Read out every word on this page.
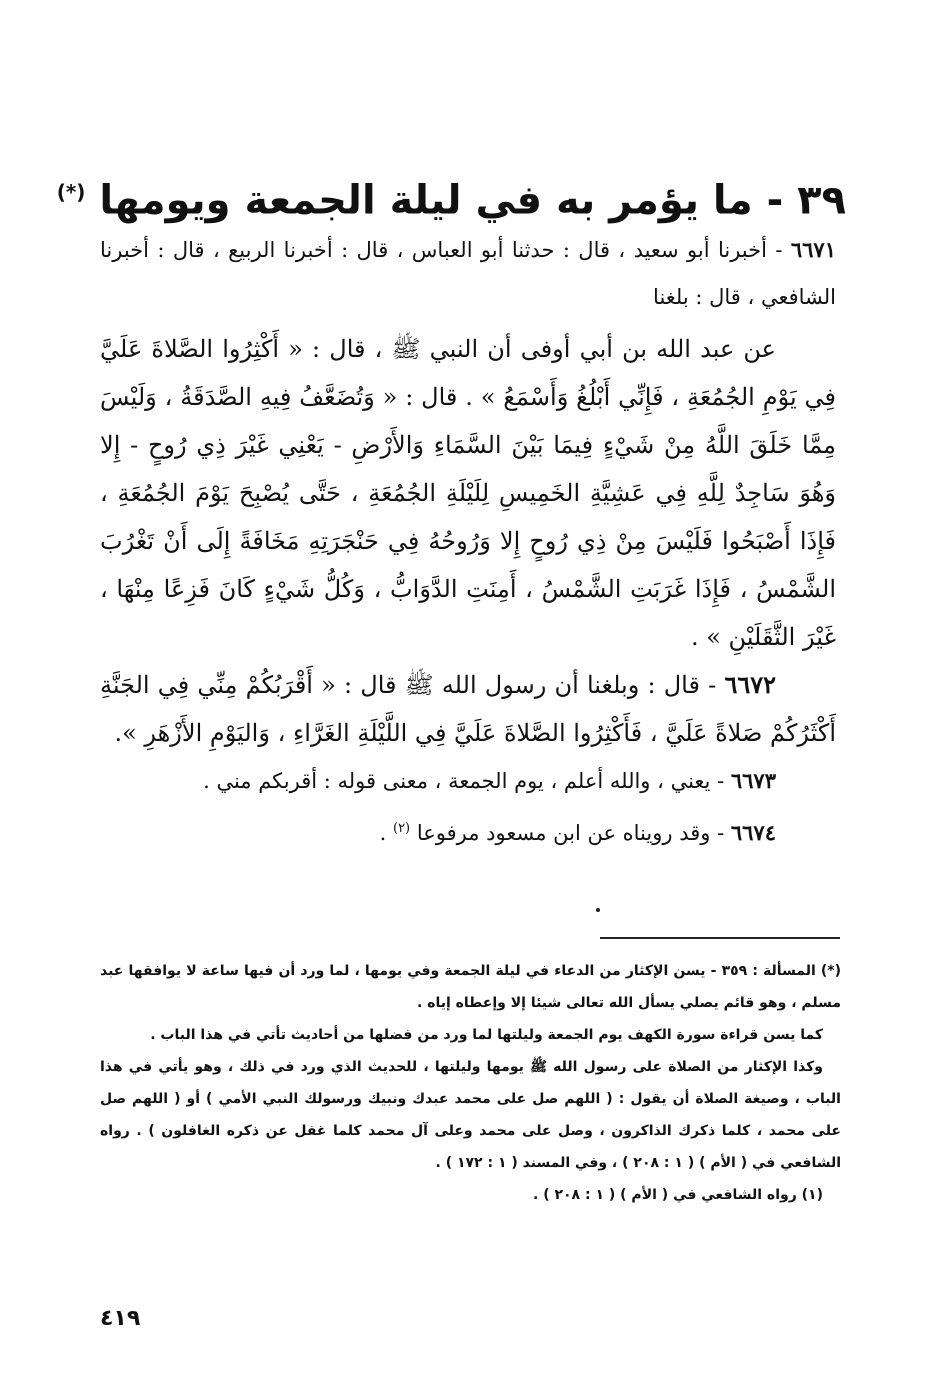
٣٩ - ما يؤمر به في ليلة الجمعة ويومها (*)

٦٦٧١ - أخبرنا أبو سعيد ، قال : حدثنا أبو العباس ، قال : أخبرنا الربيع ، قال : أخبرنا الشافعي ، قال : بلغنا

عن عبد الله بن أبي أوفى أن النبي ﷺ ، قال : « أَكْثِرُوا الصَّلاةَ عَلَيَّ فِي يَوْمِ الجُمُعَةِ ، فَإِنِّي أَبْلُغُ وَأَسْمَعُ » . قال : « وَتُضَعَّفُ فِيهِ الصَّدَقَةُ ، وَلَيْسَ مِمَّا خَلَقَ اللَّهُ مِنْ شَيْءٍ فِيمَا بَيْنَ السَّمَاءِ وَالأَرْضِ - يَعْنِي غَيْرَ ذِي رُوحٍ - إِلا وَهُوَ سَاجِدٌ لِلَّهِ فِي عَشِيَّةِ الخَمِيسِ لِلَيْلَةِ الجُمُعَةِ ، حَتَّى يُصْبِحَ يَوْمَ الجُمُعَةِ ، فَإِذَا أَصْبَحُوا فَلَيْسَ مِنْ ذِي رُوحٍ إِلا وَرُوحُهُ فِي حَنْجَرَتِهِ مَخَافَةً إِلَى أَنْ تَغْرُبَ الشَّمْسُ ، فَإِذَا غَرَبَتِ الشَّمْسُ ، أَمِنَتِ الدَّوَابُّ ، وَكُلُّ شَيْءٍ كَانَ فَزِعًا مِنْهَا ، غَيْرَ الثَّقَلَيْنِ » .

٦٦٧٢ - قال : وبلغنا أن رسول الله ﷺ قال : « أَقْرَبُكُمْ مِنِّي فِي الجَنَّةِ أَكْثَرُكُمْ صَلاةً عَلَيَّ ، فَأَكْثِرُوا الصَّلاةَ عَلَيَّ فِي اللَّيْلَةِ الغَرَّاءِ ، وَاليَوْمِ الأَزْهَرِ ».

٦٦٧٣ - يعني ، والله أعلم ، يوم الجمعة ، معنى قوله : أقربكم مني .

٦٦٧٤ - وقد رويناه عن ابن مسعود مرفوعا $^{(٢)}$ .

(*) المسألة : ٣٥٩ - يسن الإكثار من الدعاء في ليلة الجمعة وفي يومها ، لما ورد أن فيها ساعة لا يوافقها عبد مسلم ، وهو قائم يصلي يسأل الله تعالى شيئا إلا وإعطاه إياه .

كما يسن قراءة سورة الكهف يوم الجمعة وليلتها لما ورد من فضلها من أحاديث تأتي في هذا الباب .

وكذا الإكثار من الصلاة على رسول الله ﷺ يومها وليلتها ، للحديث الذي ورد في ذلك ، وهو يأتي في هذا الباب ، وصيغة الصلاة أن يقول : ( اللهم صل على محمد عبدك ونبيك ورسولك النبي الأمي ) أو ( اللهم صل على محمد ، كلما ذكرك الذاكرون ، وصل على محمد وعلى آل محمد كلما غفل عن ذكره الغافلون ) . رواه الشافعي في ( الأم ) ( ١ : ٢٠٨ ) ، وفي المسند ( ١ : ١٧٢ ) .

(١) رواه الشافعي في ( الأم ) ( ١ : ٢٠٨ ) .

٤١٩
